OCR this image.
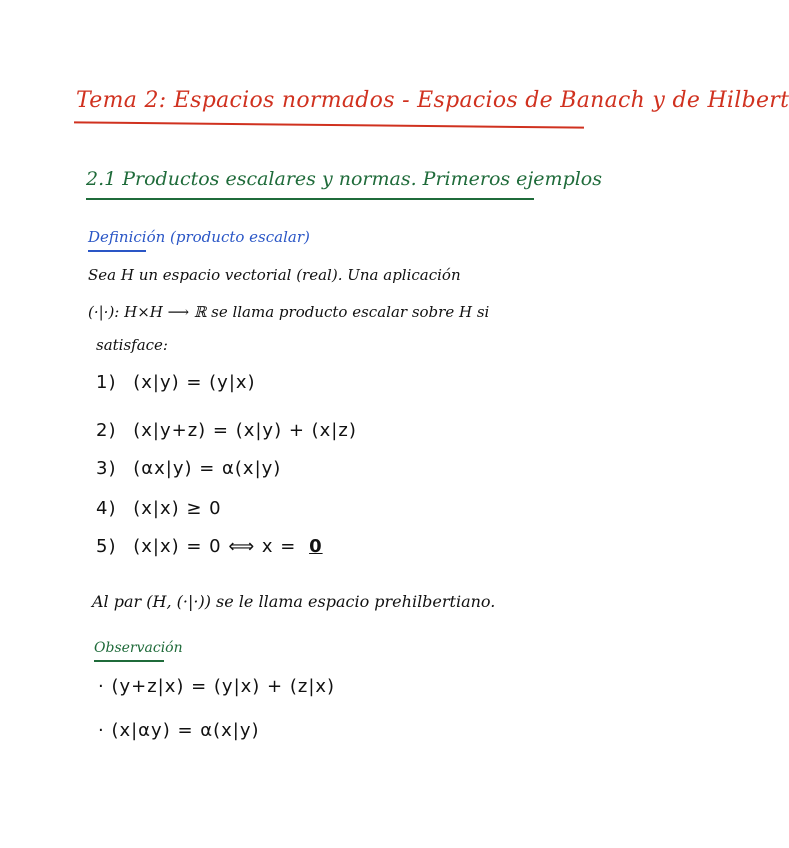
Tema 2: Espacios normados - Espacios de Banach y de Hilbert
2.1 Productos escalares y normas. Primeros ejemplos
Definición (producto escalar)
Sea H un espacio vectorial (real). Una aplicación
(·|·): H×H ⟶ ℝ se llama producto escalar sobre H si
satisface:
1) (x|y) = (y|x)
2) (x|y+z) = (x|y) + (x|z)
3) (αx|y) = α(x|y)
4) (x|x) ≥ 0
5) (x|x) = 0 ⟺ x = 0
Al par (H, (·|·)) se le llama espacio prehilbertiano.
Observación
· (y+z|x) = (y|x) + (z|x)
· (x|αy) = α(x|y)
